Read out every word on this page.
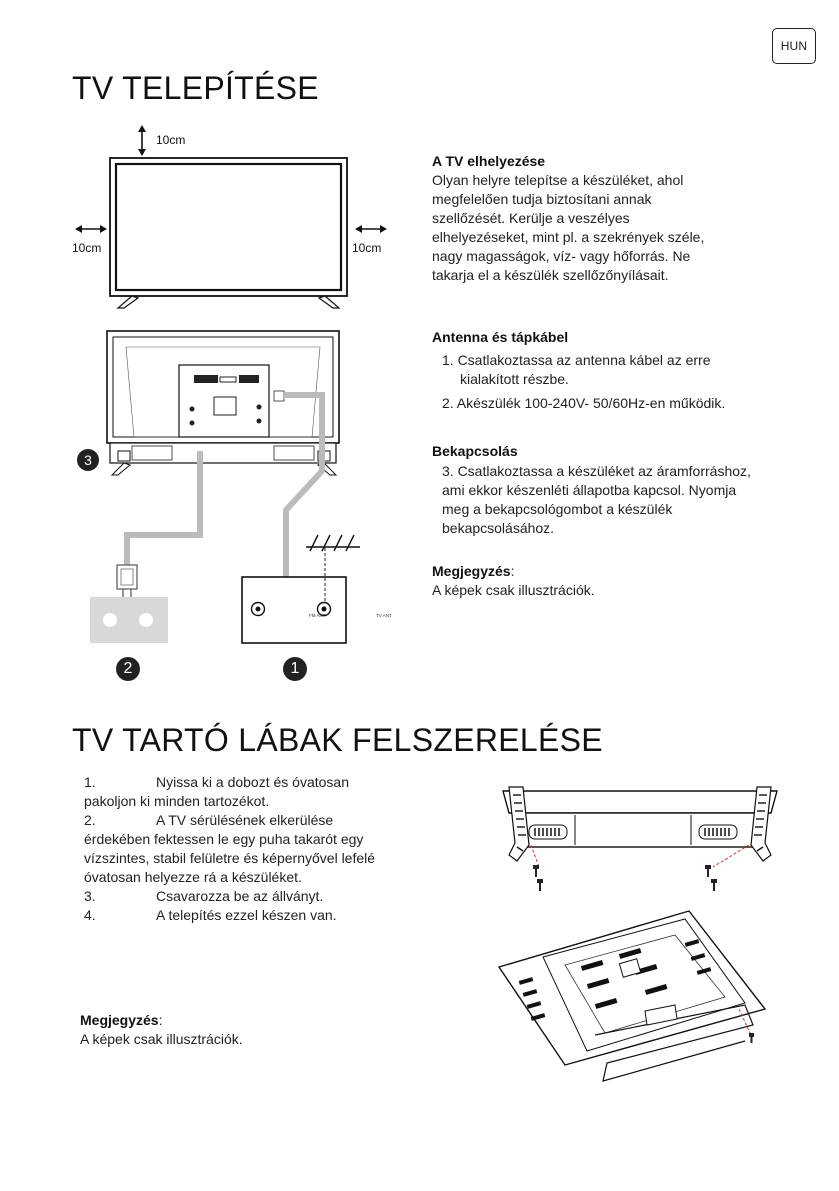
HUN
TV TELEPÍTÉSE
10cm
10cm	10cm
FM ANT	TV ANT
3
2	1
A TV elhelyezése
Olyan helyre telepítse a készüléket, ahol
megfelelően tudja biztosítani annak
szellőzését. Kerülje a veszélyes
elhelyezéseket, mint pl. a szekrények széle,
nagy magasságok, víz- vagy hőforrás. Ne
takarja el a készülék szellőzőnyílásait.
Antenna és tápkábel
1. Csatlakoztassa az antenna kábel az erre
kialakított részbe.
2. Akészülék 100-240V- 50/60Hz-en működik.
Bekapcsolás
3. Csatlakoztassa a készüléket az áramforráshoz,
ami ekkor készenléti állapotba kapcsol. Nyomja
meg a bekapcsológombot a készülék
bekapcsolásához.
Megjegyzés:
A képek csak illusztrációk.
TV TARTÓ LÁBAK FELSZERELÉSE

1.	Nyissa ki a dobozt és óvatosan

pakoljon ki minden tartozékot.

2.	A TV sérülésének elkerülése

érdekében fektessen le egy puha takarót egy

vízszintes, stabil felületre és képernyővel lefelé

óvatosan helyezze rá a készüléket.

3.	Csavarozza be az állványt.

4.	A telepítés ezzel készen van.

Megjegyzés:
A képek csak illusztrációk.
